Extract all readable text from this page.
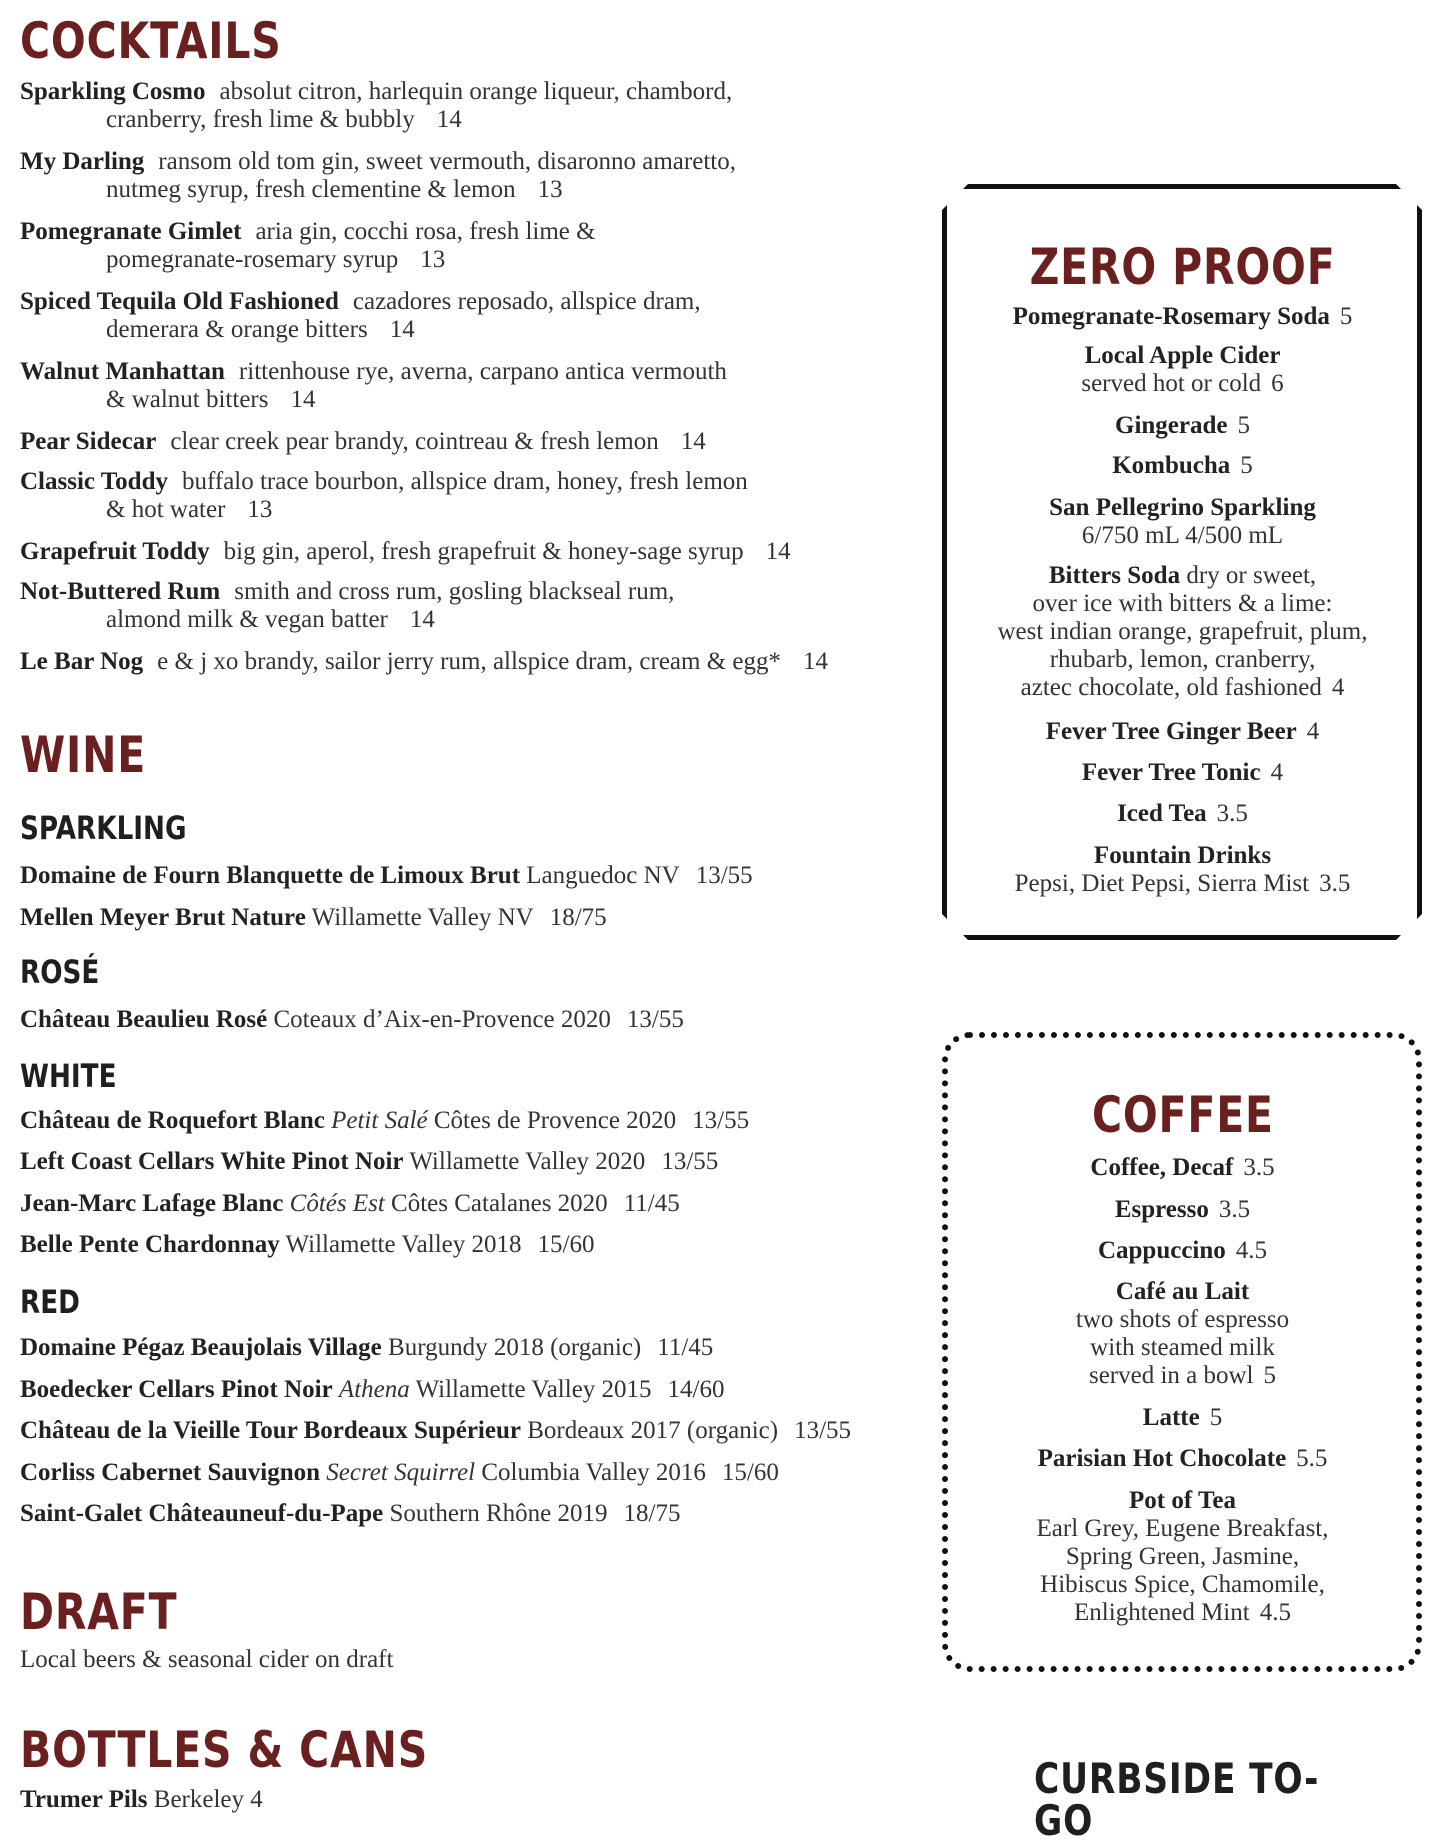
COCKTAILS
Sparkling Cosmo absolut citron, harlequin orange liqueur, chambord,
cranberry, fresh lime & bubbly 14
My Darling ransom old tom gin, sweet vermouth, disaronno amaretto,
nutmeg syrup, fresh clementine & lemon 13
Pomegranate Gimlet aria gin, cocchi rosa, fresh lime &
pomegranate-rosemary syrup 13
Spiced Tequila Old Fashioned cazadores reposado, allspice dram,
demerara & orange bitters 14
Walnut Manhattan rittenhouse rye, averna, carpano antica vermouth
& walnut bitters 14
Pear Sidecar clear creek pear brandy, cointreau & fresh lemon 14
Classic Toddy buffalo trace bourbon, allspice dram, honey, fresh lemon
& hot water 13
Grapefruit Toddy big gin, aperol, fresh grapefruit & honey-sage syrup 14
Not-Buttered Rum smith and cross rum, gosling blackseal rum,
almond milk & vegan batter 14
Le Bar Nog e & j xo brandy, sailor jerry rum, allspice dram, cream & egg* 14
WINE
SPARKLING
Domaine de Fourn Blanquette de Limoux Brut Languedoc NV 13/55
Mellen Meyer Brut Nature Willamette Valley NV 18/75
ROSÉ
Château Beaulieu Rosé Coteaux d’Aix-en-Provence 2020 13/55
WHITE
Château de Roquefort Blanc Petit Salé Côtes de Provence 2020 13/55
Left Coast Cellars White Pinot Noir Willamette Valley 2020 13/55
Jean-Marc Lafage Blanc Côtés Est Côtes Catalanes 2020 11/45
Belle Pente Chardonnay Willamette Valley 2018 15/60
RED
Domaine Pégaz Beaujolais Village Burgundy 2018 (organic) 11/45
Boedecker Cellars Pinot Noir Athena Willamette Valley 2015 14/60
Château de la Vieille Tour Bordeaux Supérieur Bordeaux 2017 (organic) 13/55
Corliss Cabernet Sauvignon Secret Squirrel Columbia Valley 2016 15/60
Saint-Galet Châteauneuf-du-Pape Southern Rhône 2019 18/75
DRAFT
Local beers & seasonal cider on draft
BOTTLES & CANS
Trumer Pils Berkeley 4
ZERO PROOF
Pomegranate-Rosemary Soda 5
Local Apple Cider
served hot or cold 6
Gingerade 5
Kombucha 5
San Pellegrino Sparkling
6/750 mL 4/500 mL
Bitters Soda dry or sweet,
over ice with bitters & a lime:
west indian orange, grapefruit, plum,
rhubarb, lemon, cranberry,
aztec chocolate, old fashioned 4
Fever Tree Ginger Beer 4
Fever Tree Tonic 4
Iced Tea 3.5
Fountain Drinks
Pepsi, Diet Pepsi, Sierra Mist 3.5
COFFEE
Coffee, Decaf 3.5
Espresso 3.5
Cappuccino 4.5
Café au Lait
two shots of espresso
with steamed milk
served in a bowl 5
Latte 5
Parisian Hot Chocolate 5.5
Pot of Tea
Earl Grey, Eugene Breakfast,
Spring Green, Jasmine,
Hibiscus Spice, Chamomile,
Enlightened Mint 4.5
CURBSIDE TO-GO
